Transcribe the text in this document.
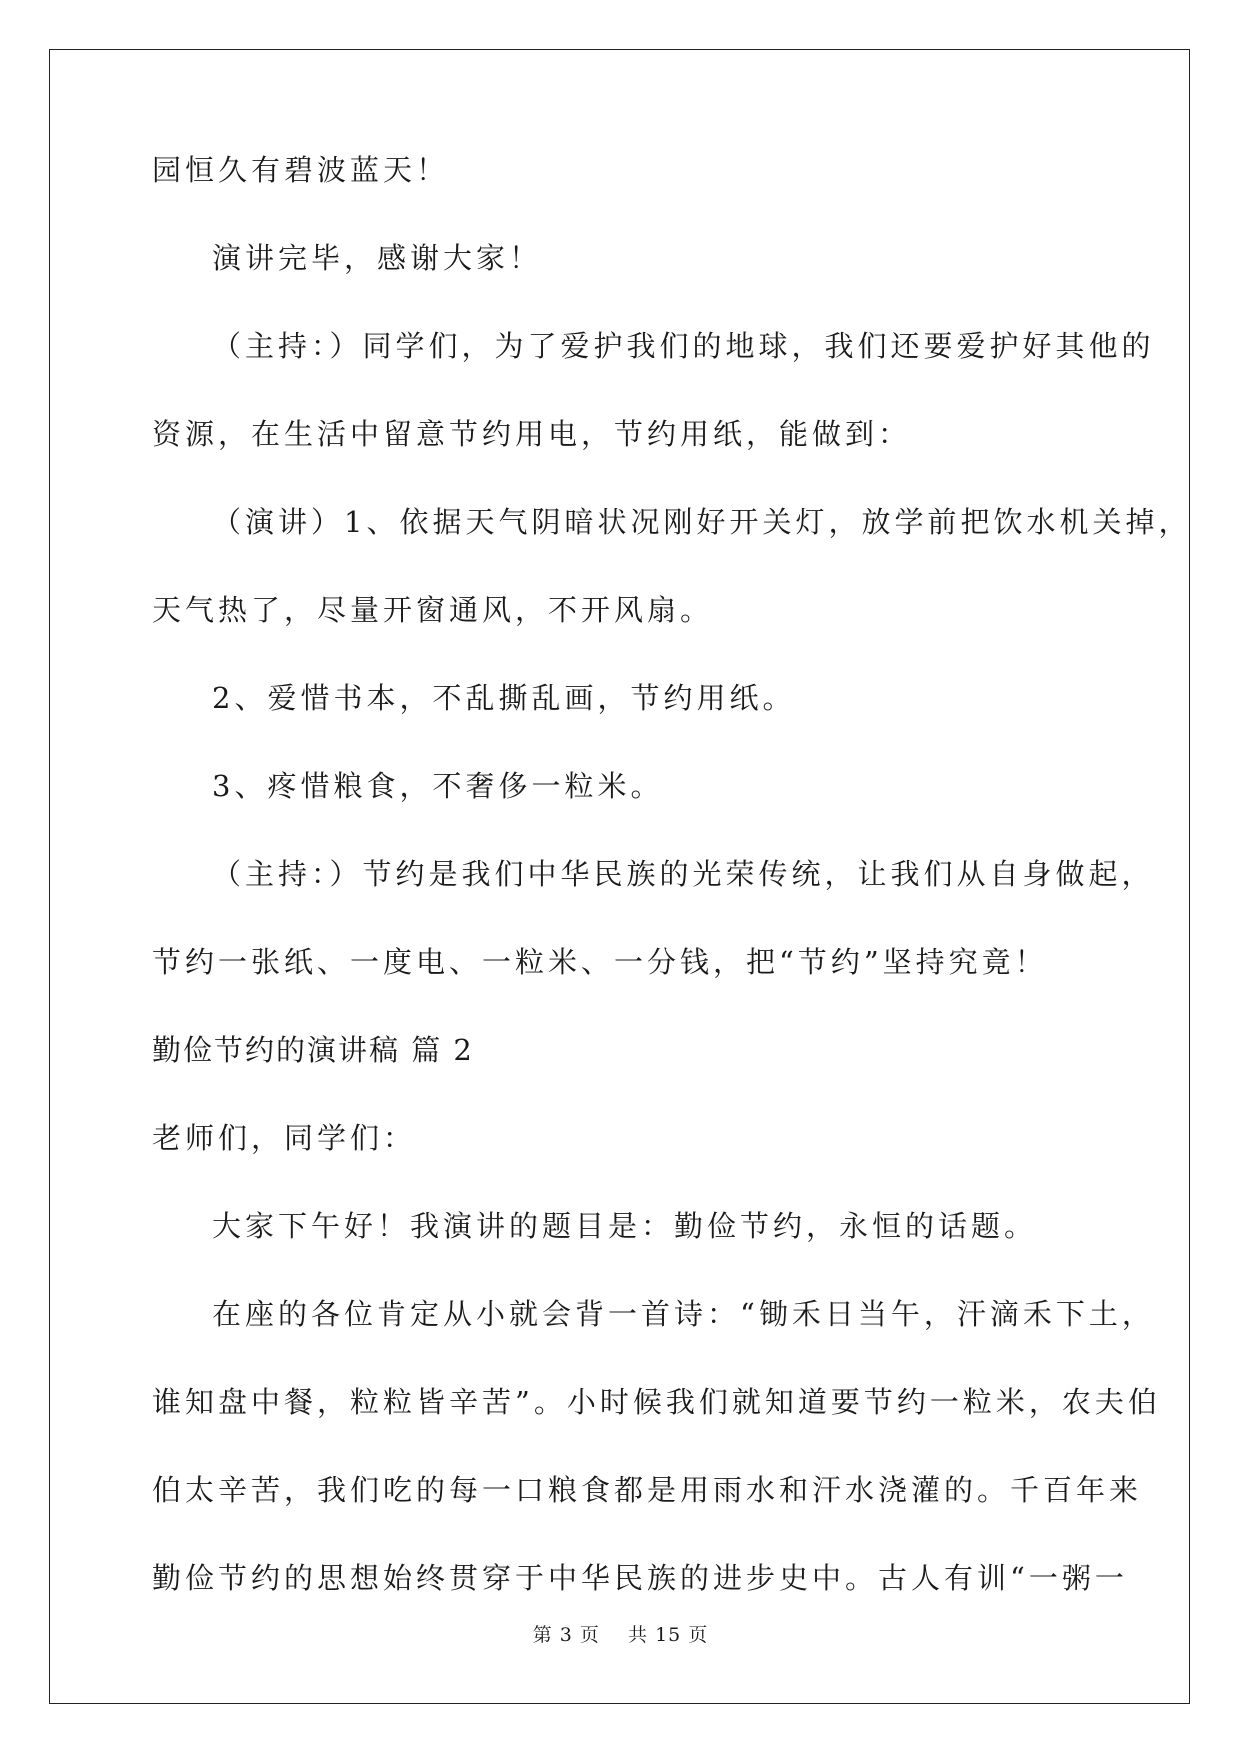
第 3 页    共 15 页
园恒久有碧波蓝天！
演讲完毕，感谢大家！
（主持：）同学们，为了爱护我们的地球，我们还要爱护好其他的
资源，在生活中留意节约用电，节约用纸，能做到：
（演讲）1、依据天气阴暗状况刚好开关灯，放学前把饮水机关掉，
天气热了，尽量开窗通风，不开风扇。
2、爱惜书本，不乱撕乱画，节约用纸。
3、疼惜粮食，不奢侈一粒米。
（主持：）节约是我们中华民族的光荣传统，让我们从自身做起，
节约一张纸、一度电、一粒米、一分钱，把“节约”坚持究竟！
勤俭节约的演讲稿 篇 2
老师们，同学们：
大家下午好！我演讲的题目是：勤俭节约，永恒的话题。
在座的各位肯定从小就会背一首诗：“锄禾日当午，汗滴禾下土，
谁知盘中餐，粒粒皆辛苦”。小时候我们就知道要节约一粒米，农夫伯
伯太辛苦，我们吃的每一口粮食都是用雨水和汗水浇灌的。千百年来
勤俭节约的思想始终贯穿于中华民族的进步史中。古人有训“一粥一
